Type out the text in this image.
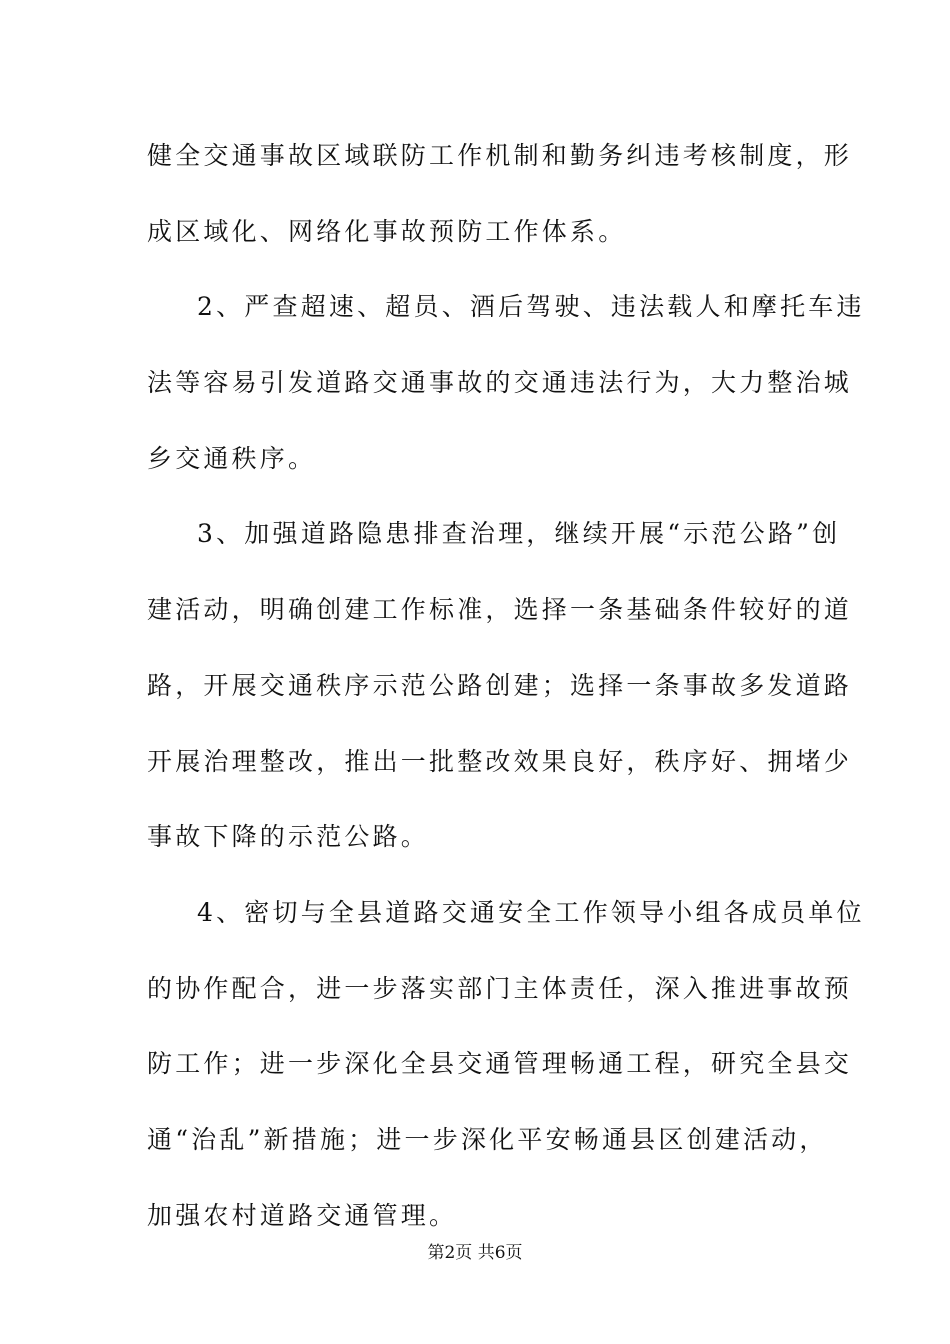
健全交通事故区域联防工作机制和勤务纠违考核制度，形
成区域化、网络化事故预防工作体系。
2、严查超速、超员、酒后驾驶、违法载人和摩托车违
法等容易引发道路交通事故的交通违法行为，大力整治城
乡交通秩序。
3、加强道路隐患排查治理，继续开展“示范公路”创
建活动，明确创建工作标准，选择一条基础条件较好的道
路，开展交通秩序示范公路创建；选择一条事故多发道路
开展治理整改，推出一批整改效果良好，秩序好、拥堵少
事故下降的示范公路。
4、密切与全县道路交通安全工作领导小组各成员单位
的协作配合，进一步落实部门主体责任，深入推进事故预
防工作；进一步深化全县交通管理畅通工程，研究全县交
通“治乱”新措施；进一步深化平安畅通县区创建活动，
加强农村道路交通管理。
第2页 共6页
